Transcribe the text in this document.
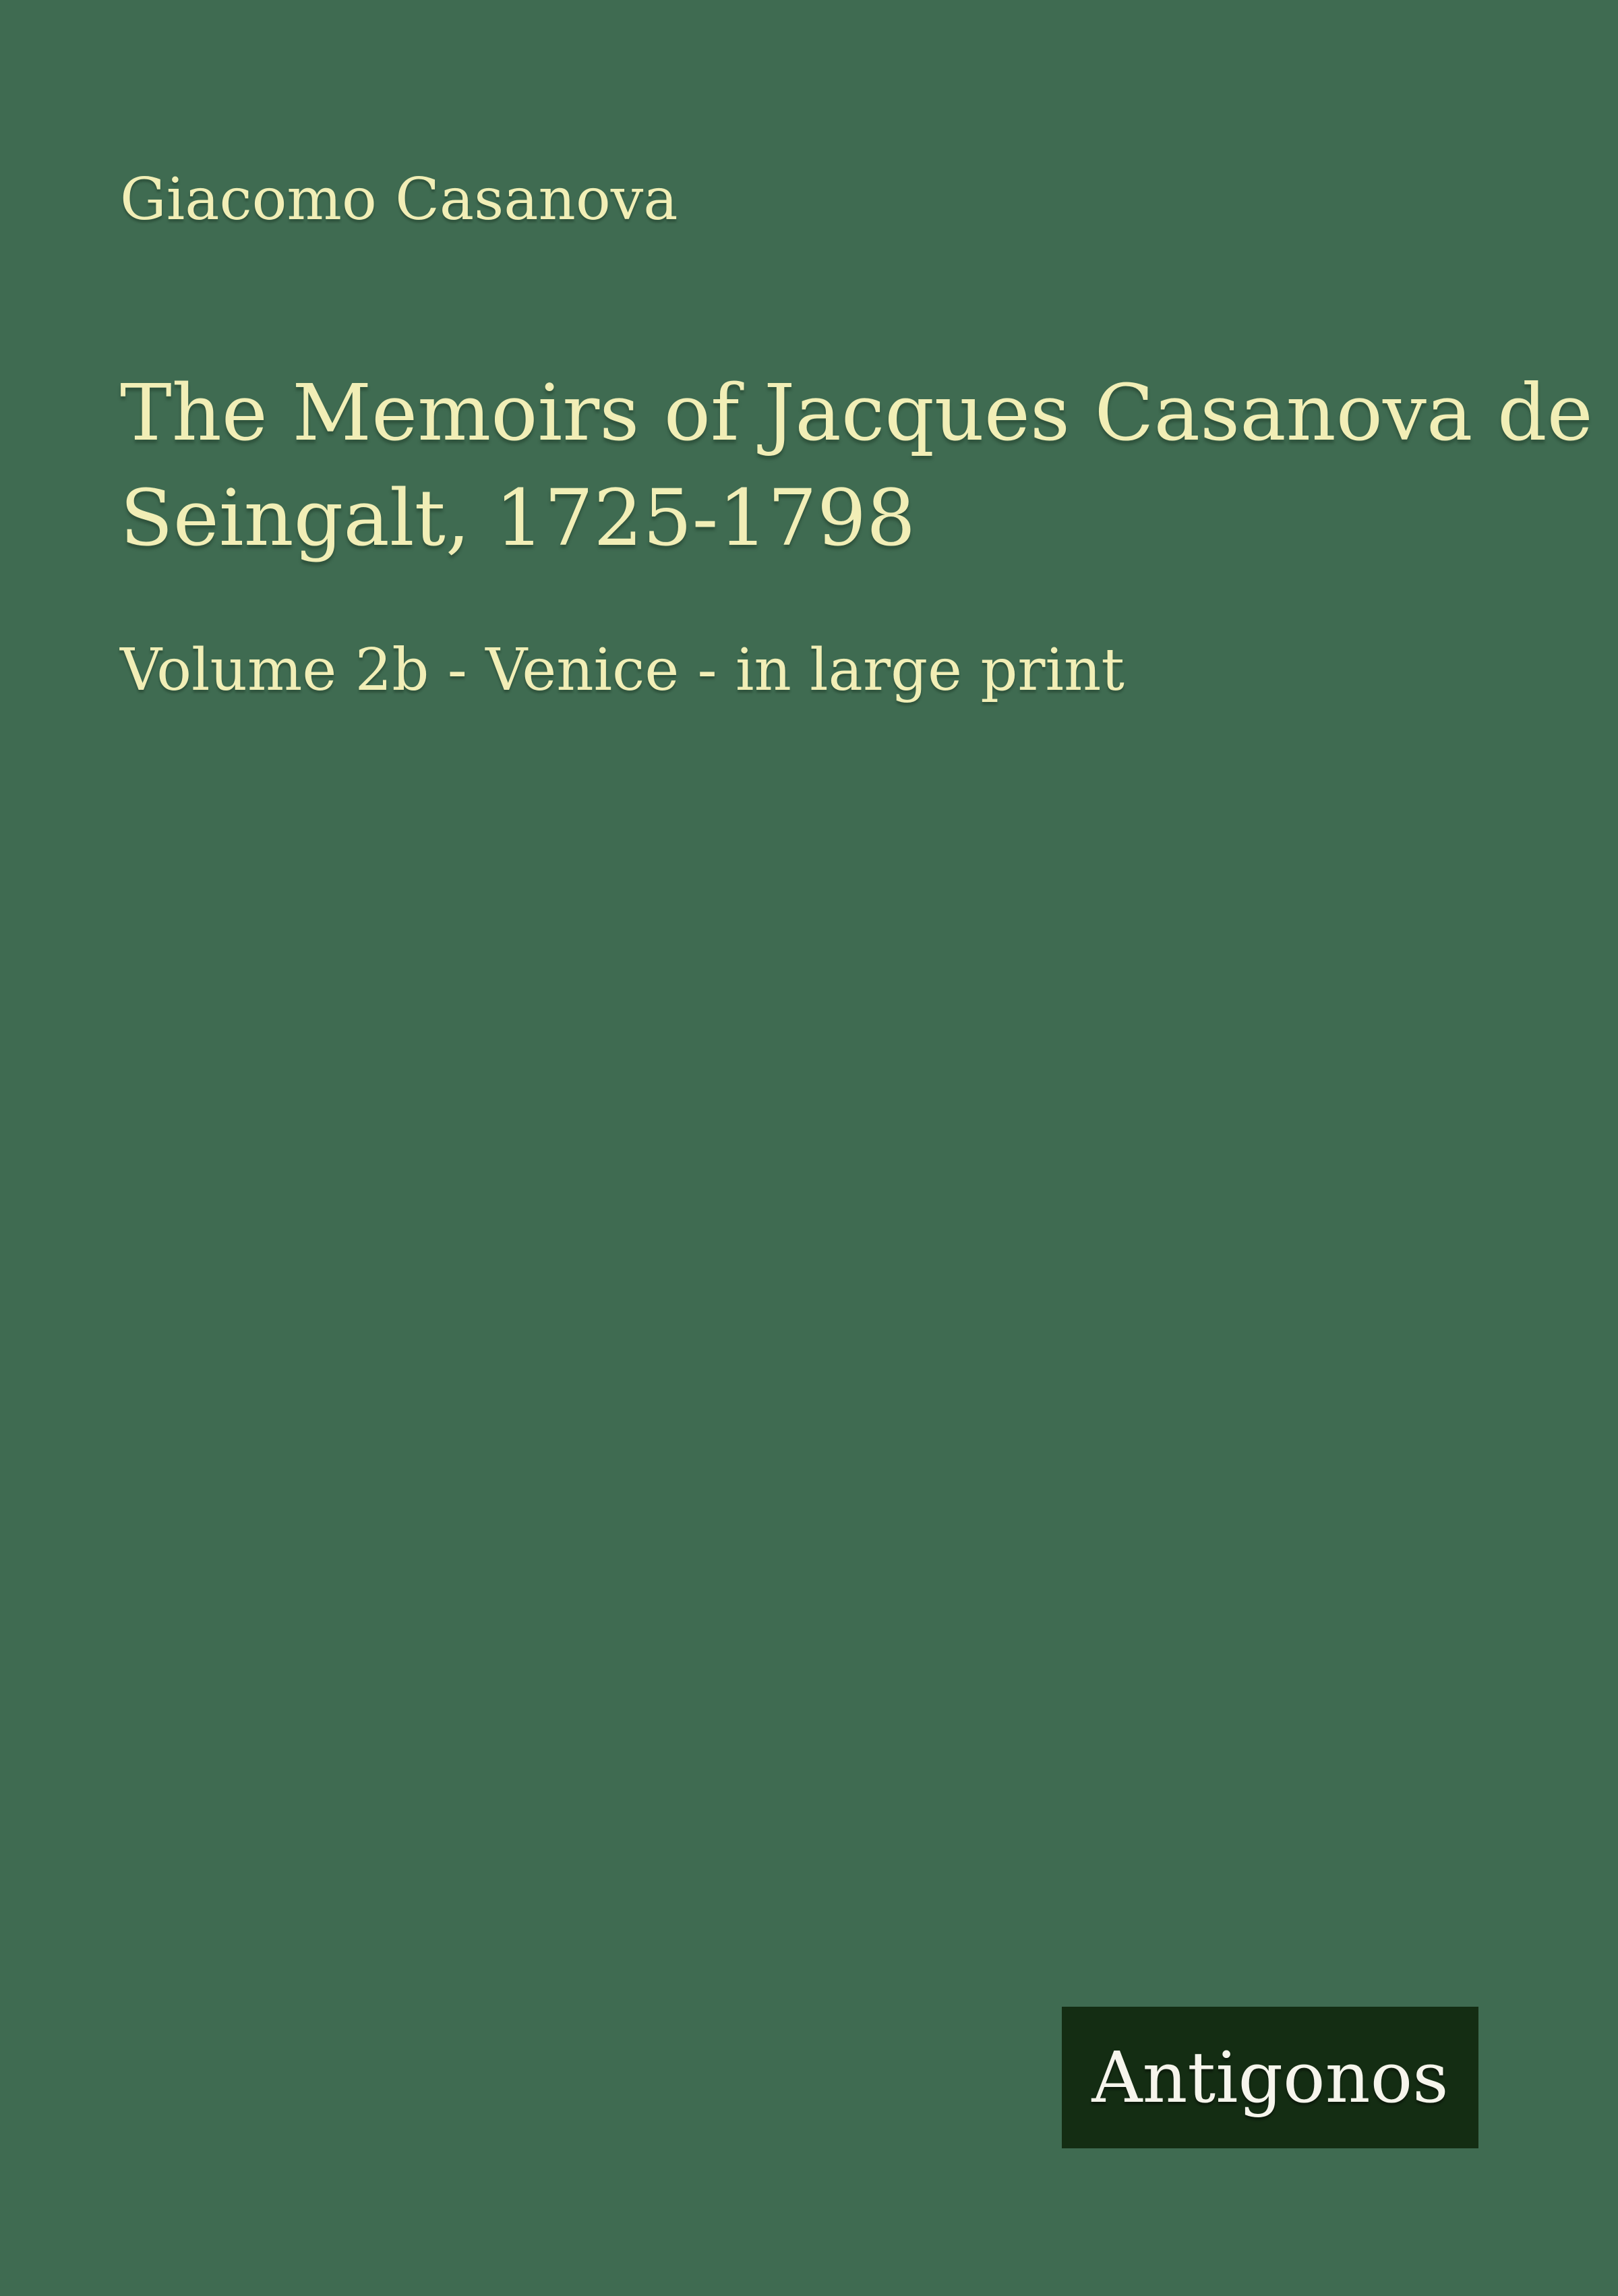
Giacomo Casanova
The Memoirs of Jacques Casanova de
Seingalt, 1725-1798
Volume 2b - Venice - in large print
Antigonos
